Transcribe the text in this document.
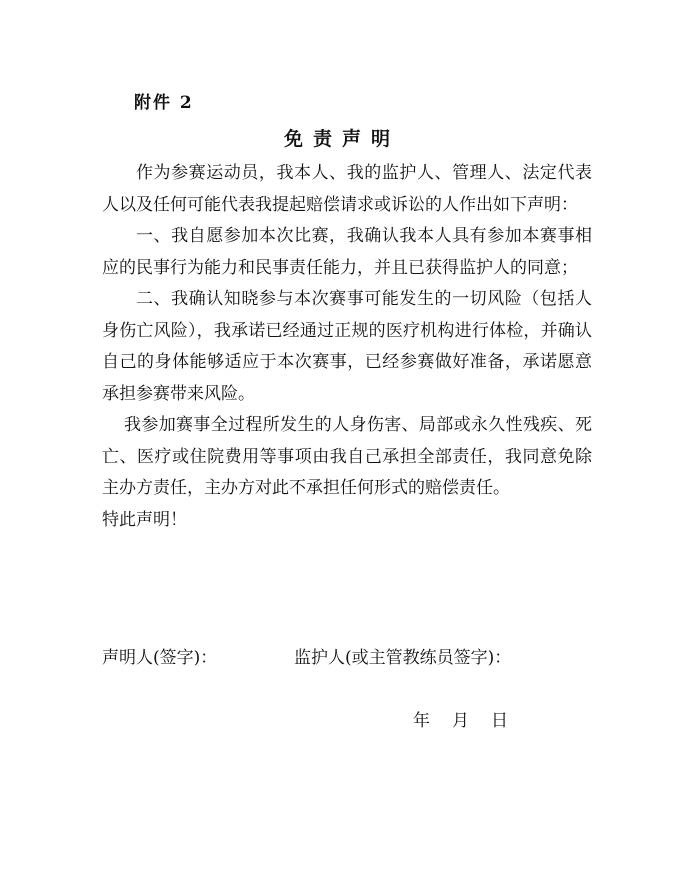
附件 2
免责声明

作为参赛运动员，我本人、我的监护人、管理人、法定代表人以及任何可能代表我提起赔偿请求或诉讼的人作出如下声明：

一、我自愿参加本次比赛，我确认我本人具有参加本赛事相应的民事行为能力和民事责任能力，并且已获得监护人的同意；

二、我确认知晓参与本次赛事可能发生的一切风险（包括人身伤亡风险），我承诺已经通过正规的医疗机构进行体检，并确认自己的身体能够适应于本次赛事，已经参赛做好准备，承诺愿意承担参赛带来风险。

我参加赛事全过程所发生的人身伤害、局部或永久性残疾、死亡、医疗或住院费用等事项由我自己承担全部责任，我同意免除主办方责任，主办方对此不承担任何形式的赔偿责任。

特此声明！

声明人(签字)：	监护人(或主管教练员签字)：
年 月 日
